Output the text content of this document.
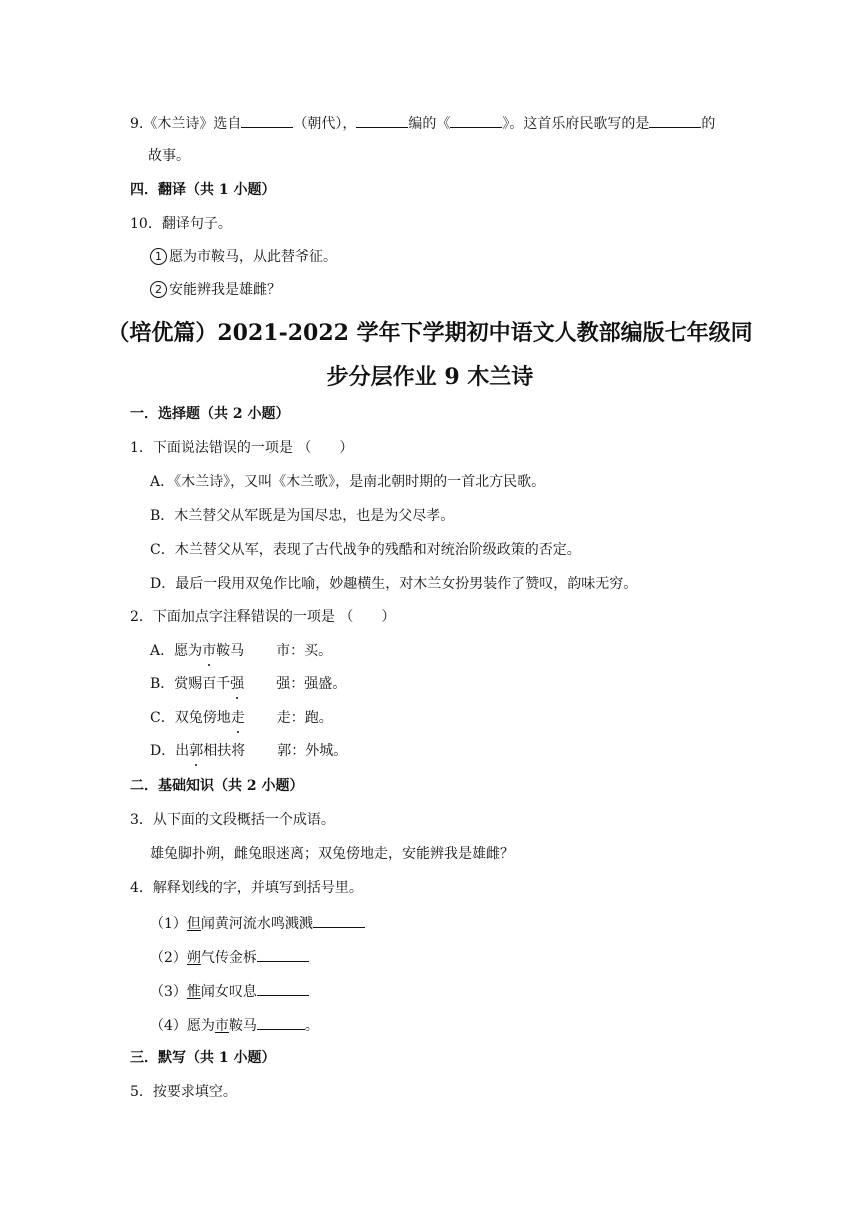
9.《木兰诗》选自	（朝代），	编的《	》。这首乐府民歌写的是	的
故事。
四．翻译（共 1 小题）
10．翻译句子。
1 愿为市鞍马，从此替爷征。
2 安能辨我是雄雌？
（培优篇）2021-2022 学年下学期初中语文人教部编版七年级同
步分层作业 9 木兰诗
一．选择题（共 2 小题）
1．下面说法错误的一项是 （　　）
A．《木兰诗》，又叫《木兰歌》，是南北朝时期的一首北方民歌。
B．木兰替父从军既是为国尽忠，也是为父尽孝。
C．木兰替父从军，表现了古代战争的残酷和对统治阶级政策的否定。
D．最后一段用双兔作比喻，妙趣横生，对木兰女扮男装作了赞叹，韵味无穷。
2．下面加点字注释错误的一项是 （　　）
A．愿为市鞍马 市：买。
B．赏赐百千强 强：强盛。
C．双兔傍地走 走：跑。
D．出郭相扶将 郭：外城。
二．基础知识（共 2 小题）
3．从下面的文段概括一个成语。
雄兔脚扑朔，雌兔眼迷离；双兔傍地走，安能辨我是雄雌？
4．解释划线的字，并填写到括号里。
（1）但闻黄河流水鸣溅溅
（2）朔气传金柝
（3）惟闻女叹息
（4）愿为市鞍马	。
三．默写（共 1 小题）
5．按要求填空。
